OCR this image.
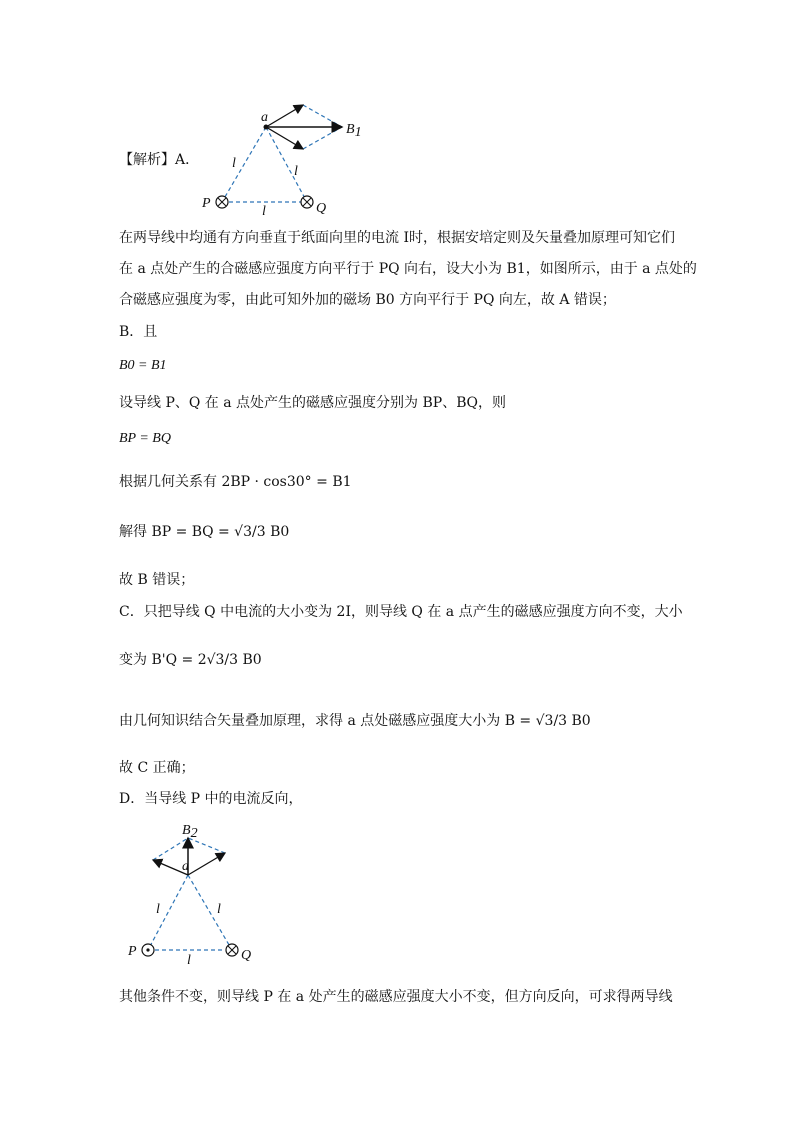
a
B1
P	Q
l
l
l
【解析】A．
在两导线中均通有方向垂直于纸面向里的电流 I时，根据安培定则及矢量叠加原理可知它们
在 a 点处产生的合磁感应强度方向平行于 PQ 向右，设大小为 B1，如图所示，由于 a 点处的
合磁感应强度为零，由此可知外加的磁场 B0 方向平行于 PQ 向左，故 A 错误；
B．且
B0 = B1
设导线 P、Q 在 a 点处产生的磁感应强度分别为 BP、BQ，则
BP = BQ
根据几何关系有 2BP · cos30° = B1
解得 BP = BQ = √3/3 B0
故 B 错误；
C．只把导线 Q 中电流的大小变为 2I，则导线 Q 在 a 点产生的磁感应强度方向不变，大小
变为 B'Q = 2√3/3 B0
由几何知识结合矢量叠加原理，求得 a 点处磁感应强度大小为 B = √3/3 B0
故 C 正确；
D．当导线 P 中的电流反向，
B2
a
P	Q
l	l
l
其他条件不变，则导线 P 在 a 处产生的磁感应强度大小不变，但方向反向，可求得两导线
